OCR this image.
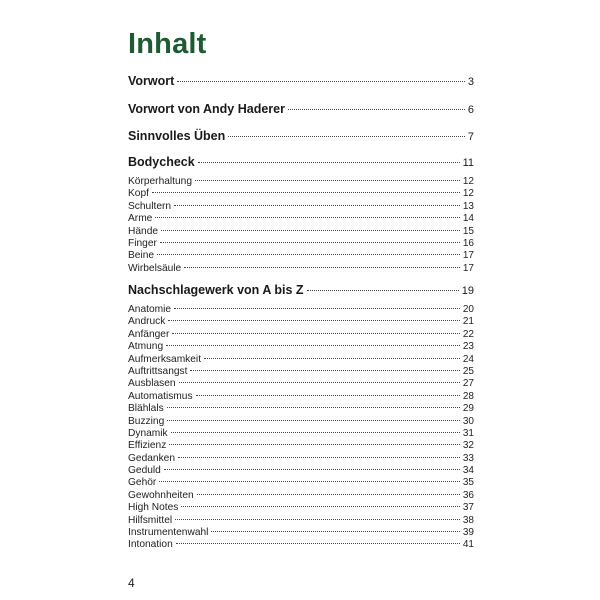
Inhalt
Vorwort	3
Vorwort von Andy Haderer	6
Sinnvolles Üben	7
Bodycheck	11
Körperhaltung	12
Kopf	12
Schultern	13
Arme	14
Hände	15
Finger	16
Beine	17
Wirbelsäule	17
Nachschlagewerk von A bis Z	19
Anatomie	20
Andruck	21
Anfänger	22
Atmung	23
Aufmerksamkeit	24
Auftrittsangst	25
Ausblasen	27
Automatismus	28
Blählals	29
Buzzing	30
Dynamik	31
Effizienz	32
Gedanken	33
Geduld	34
Gehör	35
Gewohnheiten	36
High Notes	37
Hilfsmittel	38
Instrumentenwahl	39
Intonation	41
4
